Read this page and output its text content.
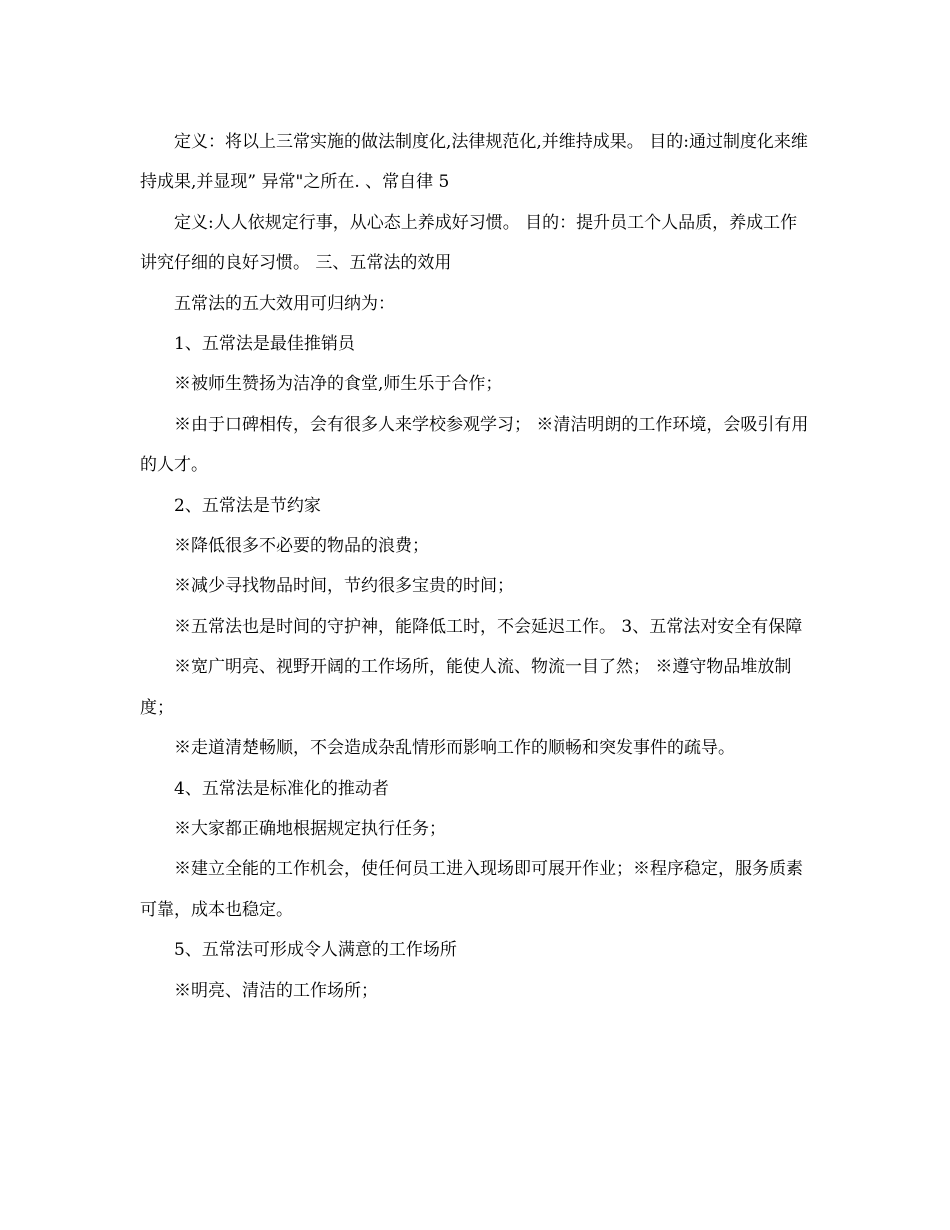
定义：将以上三常实施的做法制度化,法律规范化,并维持成果。 目的:通过制度化来维持成果,并显现” 异常"之所在. 、常自律 5

定义:人人依规定行事，从心态上养成好习惯。 目的：提升员工个人品质，养成工作讲究仔细的良好习惯。 三、五常法的效用

五常法的五大效用可归纳为：

1、五常法是最佳推销员

※被师生赞扬为洁净的食堂,师生乐于合作；

※由于口碑相传，会有很多人来学校参观学习； ※清洁明朗的工作环境，会吸引有用的人才。

2、五常法是节约家

※降低很多不必要的物品的浪费；

※减少寻找物品时间，节约很多宝贵的时间；

※五常法也是时间的守护神，能降低工时，不会延迟工作。 3、五常法对安全有保障

※宽广明亮、视野开阔的工作场所，能使人流、物流一目了然； ※遵守物品堆放制度；

※走道清楚畅顺，不会造成杂乱情形而影响工作的顺畅和突发事件的疏导。

4、五常法是标准化的推动者

※大家都正确地根据规定执行任务；

※建立全能的工作机会，使任何员工进入现场即可展开作业；※程序稳定，服务质素可靠，成本也稳定。

5、五常法可形成令人满意的工作场所

※明亮、清洁的工作场所；
